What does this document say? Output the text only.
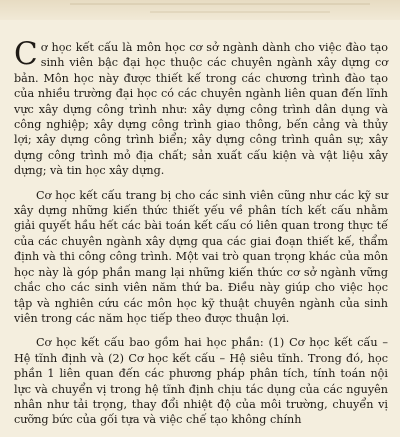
Cơ học kết cấu là môn học cơ sở ngành dành cho việc đào tạo sinh viên bậc đại học thuộc các chuyên ngành xây dựng cơ bản. Môn học này được thiết kế trong các chương trình đào tạo của nhiều trường đại học có các chuyên ngành liên quan đến lĩnh vực xây dựng công trình như: xây dựng công trình dân dụng và công nghiệp; xây dựng công trình giao thông, bến cảng và thủy lợi; xây dựng công trình biển; xây dựng công trình quân sự; xây dựng công trình mỏ địa chất; sản xuất cấu kiện và vật liệu xây dựng; và tin học xây dựng.

Cơ học kết cấu trang bị cho các sinh viên cũng như các kỹ sư xây dựng những kiến thức thiết yếu về phân tích kết cấu nhằm giải quyết hầu hết các bài toán kết cấu có liên quan trong thực tế của các chuyên ngành xây dựng qua các giai đoạn thiết kế, thẩm định và thi công công trình. Một vai trò quan trọng khác của môn học này là góp phần mang lại những kiến thức cơ sở ngành vững chắc cho các sinh viên năm thứ ba. Điều này giúp cho việc học tập và nghiên cứu các môn học kỹ thuật chuyên ngành của sinh viên trong các năm học tiếp theo được thuận lợi.

Cơ học kết cấu bao gồm hai học phần: (1) Cơ học kết cấu – Hệ tĩnh định và (2) Cơ học kết cấu – Hệ siêu tĩnh. Trong đó, học phần 1 liên quan đến các phương pháp phân tích, tính toán nội lực và chuyển vị trong hệ tĩnh định chịu tác dụng của các nguyên nhân như tải trọng, thay đổi nhiệt độ của môi trường, chuyển vị cưỡng bức của gối tựa và việc chế tạo không chính
